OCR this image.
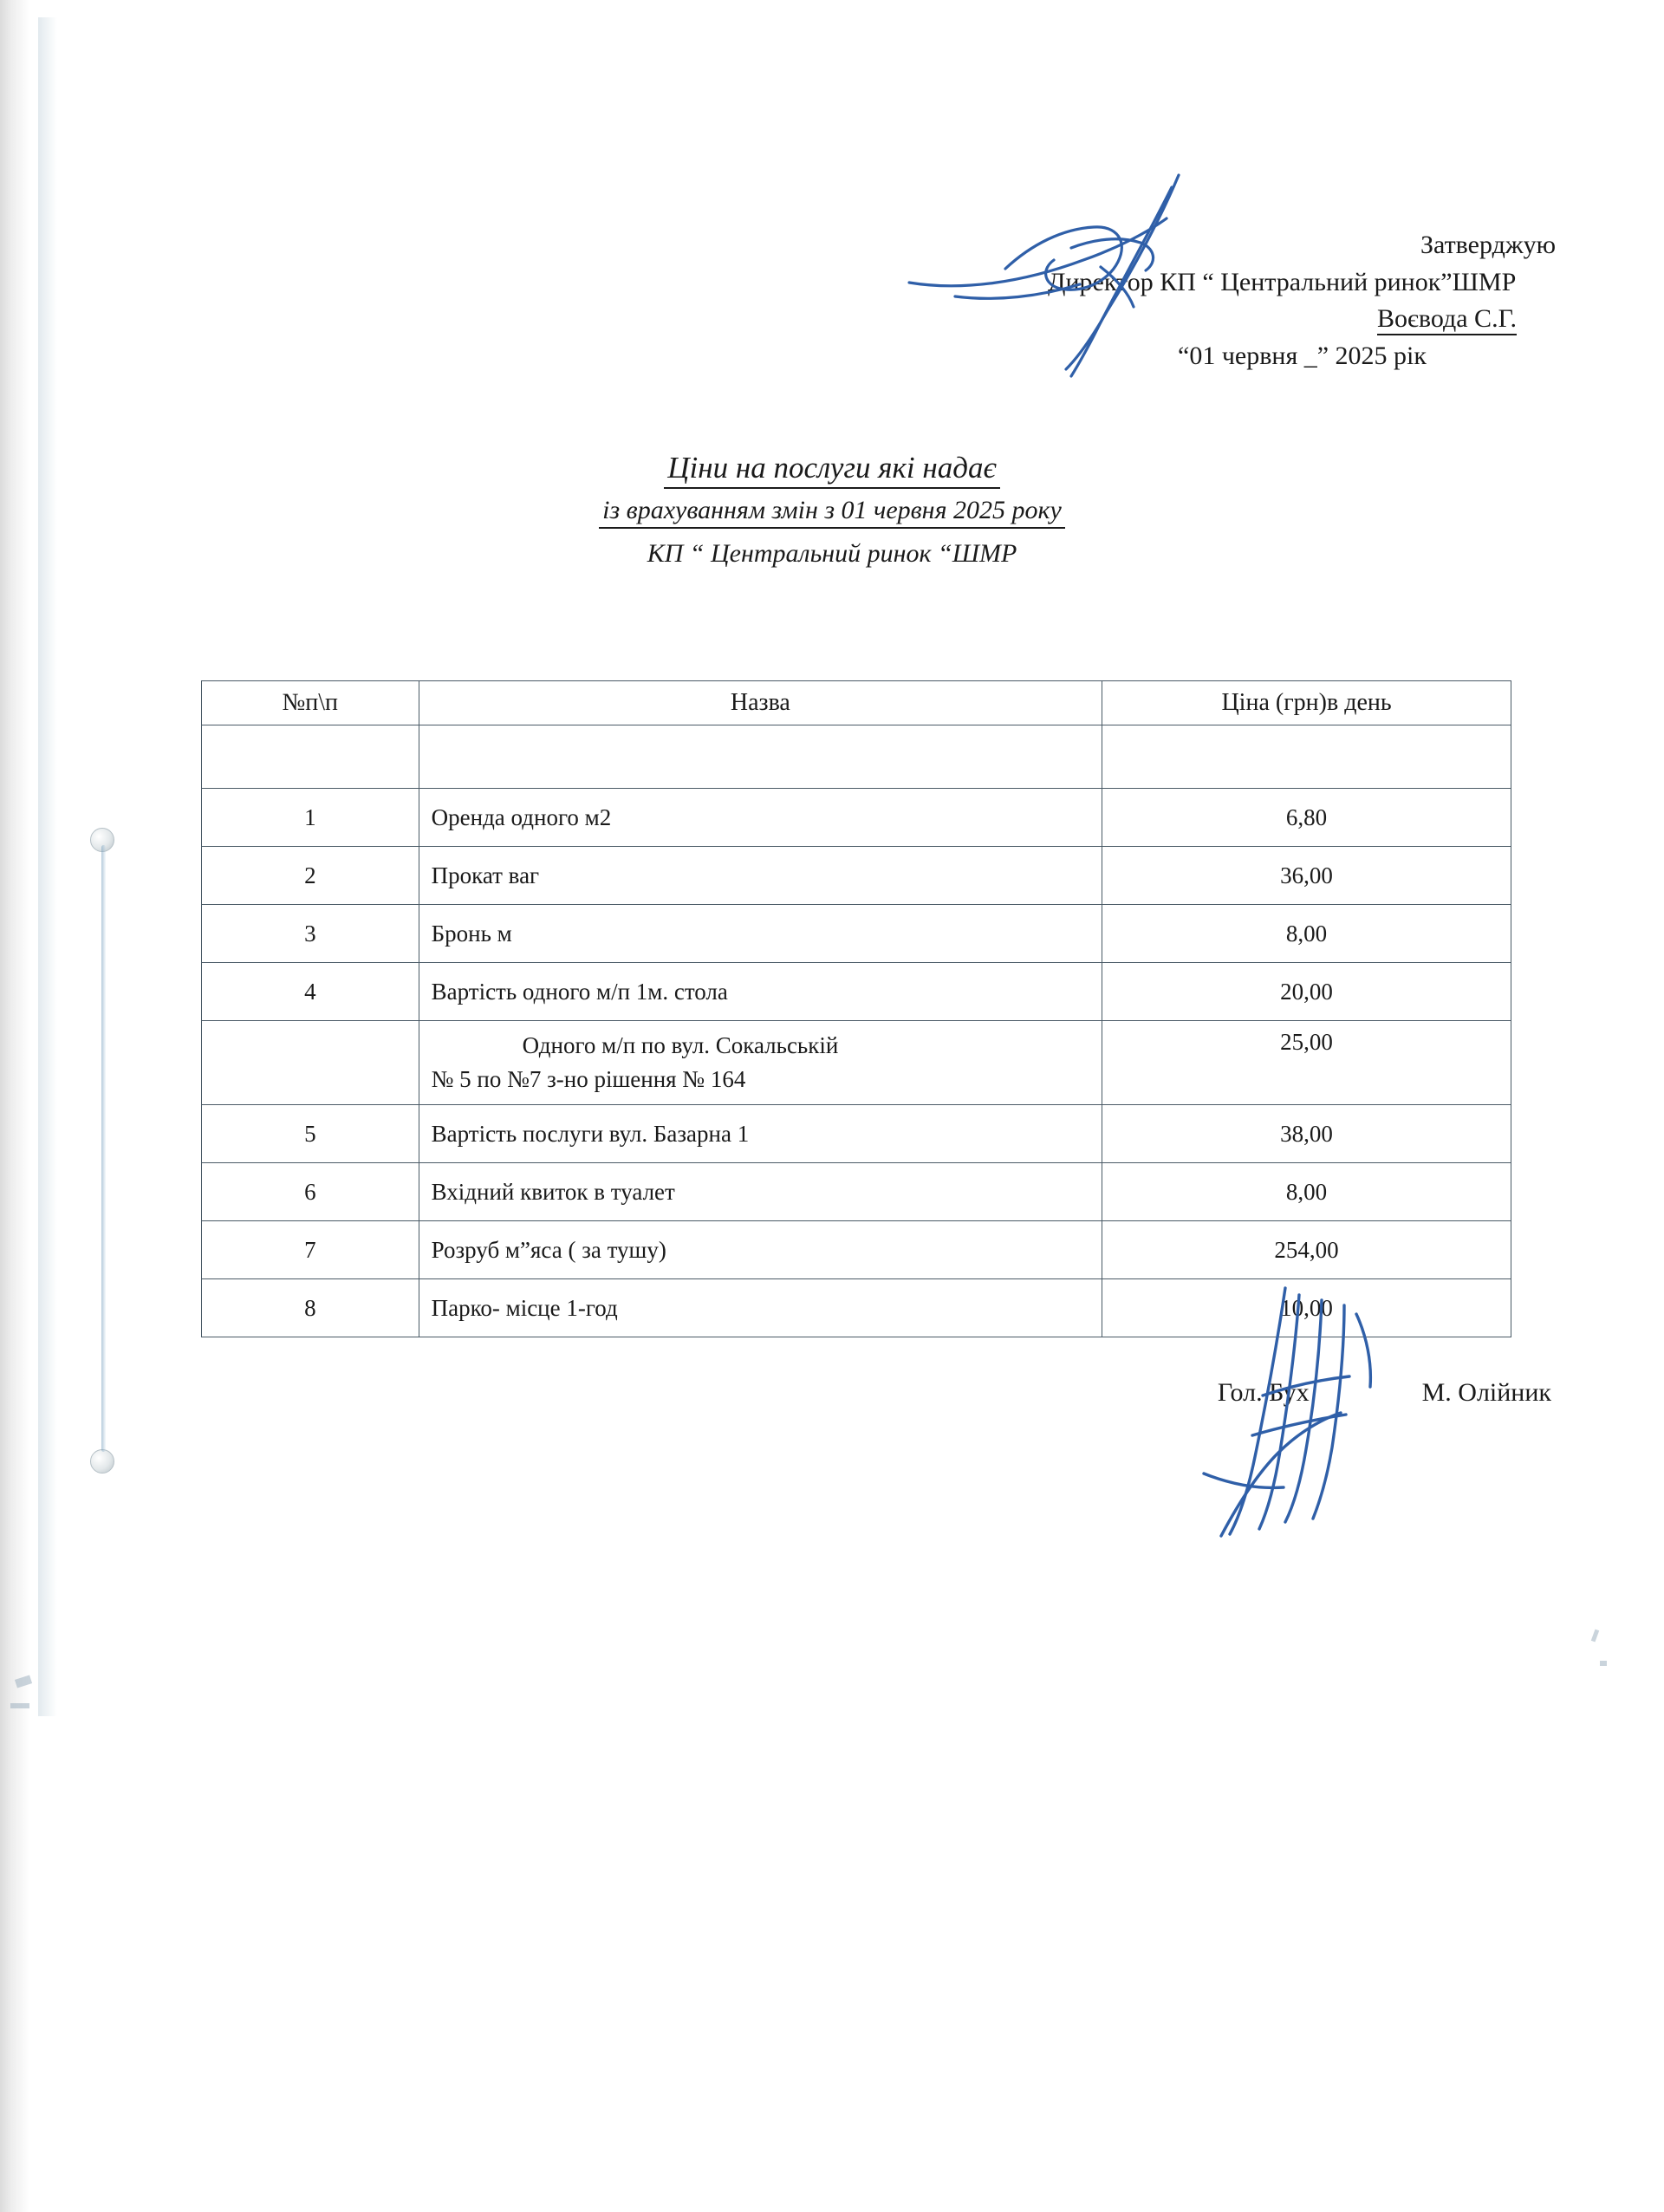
Затверджую
Директор КП “ Центральний ринок”ШМР
Воєвода С.Г.
“01 червня _” 2025 рік
Ціни на послуги які надає
із врахуванням змін з 01 червня 2025 року
КП “ Центральний ринок “ШМР
№п\п	Назва	Ціна (грн)в день

1	Оренда одного м2	6,80
2	Прокат ваг	36,00
3	Бронь м	8,00
4	Вартість одного м/п 1м. стола	20,00

	Одного м/п по вул. Сокальській
№ 5 по №7 з-но рішення № 164	25,00
5	Вартість послуги вул. Базарна 1	38,00
6	Вхідний квиток в туалет	8,00
7	Розруб м”яса ( за тушу)	254,00
8	Парко- місце 1-год	10,00
Гол. Бух	М. Олійник
